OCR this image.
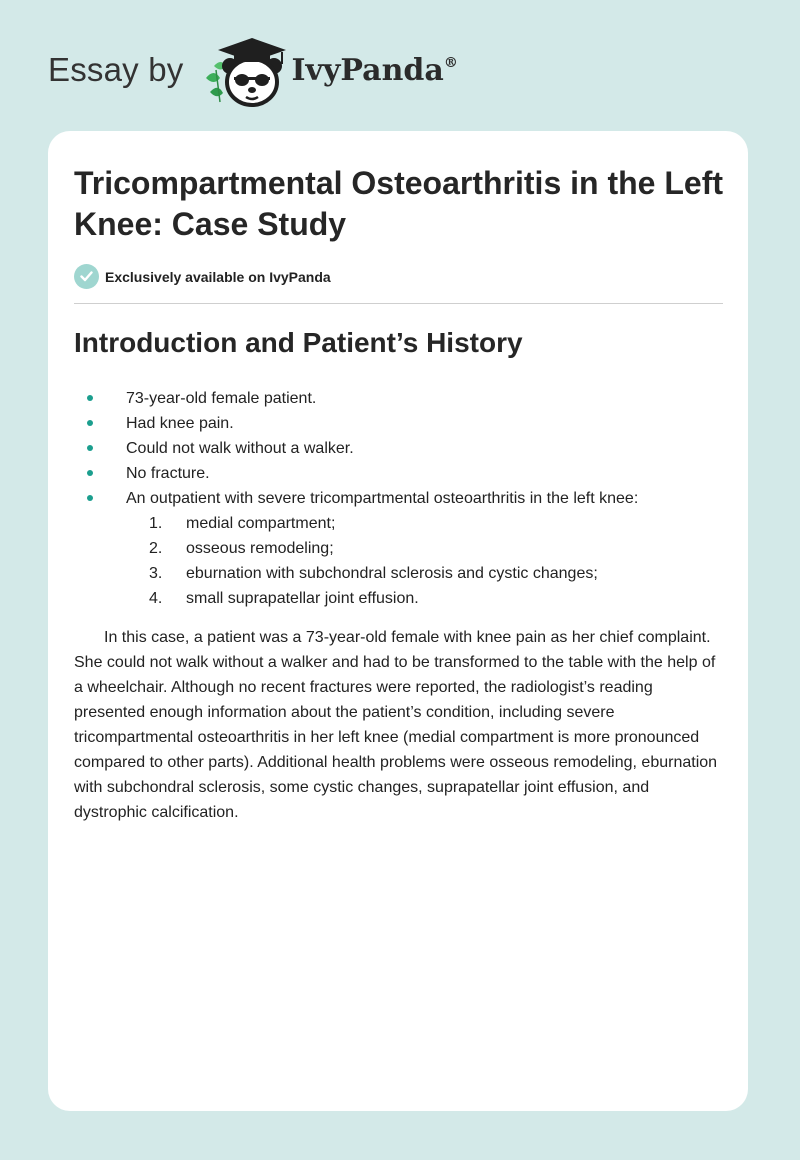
Essay by	IvyPanda®
Tricompartmental Osteoarthritis in the Left Knee: Case Study
Exclusively available on IvyPanda
Introduction and Patient’s History
73-year-old female patient.
Had knee pain.
Could not walk without a walker.
No fracture.
An outpatient with severe tricompartmental osteoarthritis in the left knee:
1.	medial compartment;
2.	osseous remodeling;
3.	eburnation with subchondral sclerosis and cystic changes;
4.	small suprapatellar joint effusion.

In this case, a patient was a 73-year-old female with knee pain as her chief complaint. She could not walk without a walker and had to be transformed to the table with the help of a wheelchair. Although no recent fractures were reported, the radiologist’s reading presented enough information about the patient’s condition, including severe tricompartmental osteoarthritis in her left knee (medial compartment is more pronounced compared to other parts). Additional health problems were osseous remodeling, eburnation with subchondral sclerosis, some cystic changes, suprapatellar joint effusion, and dystrophic calcification.
